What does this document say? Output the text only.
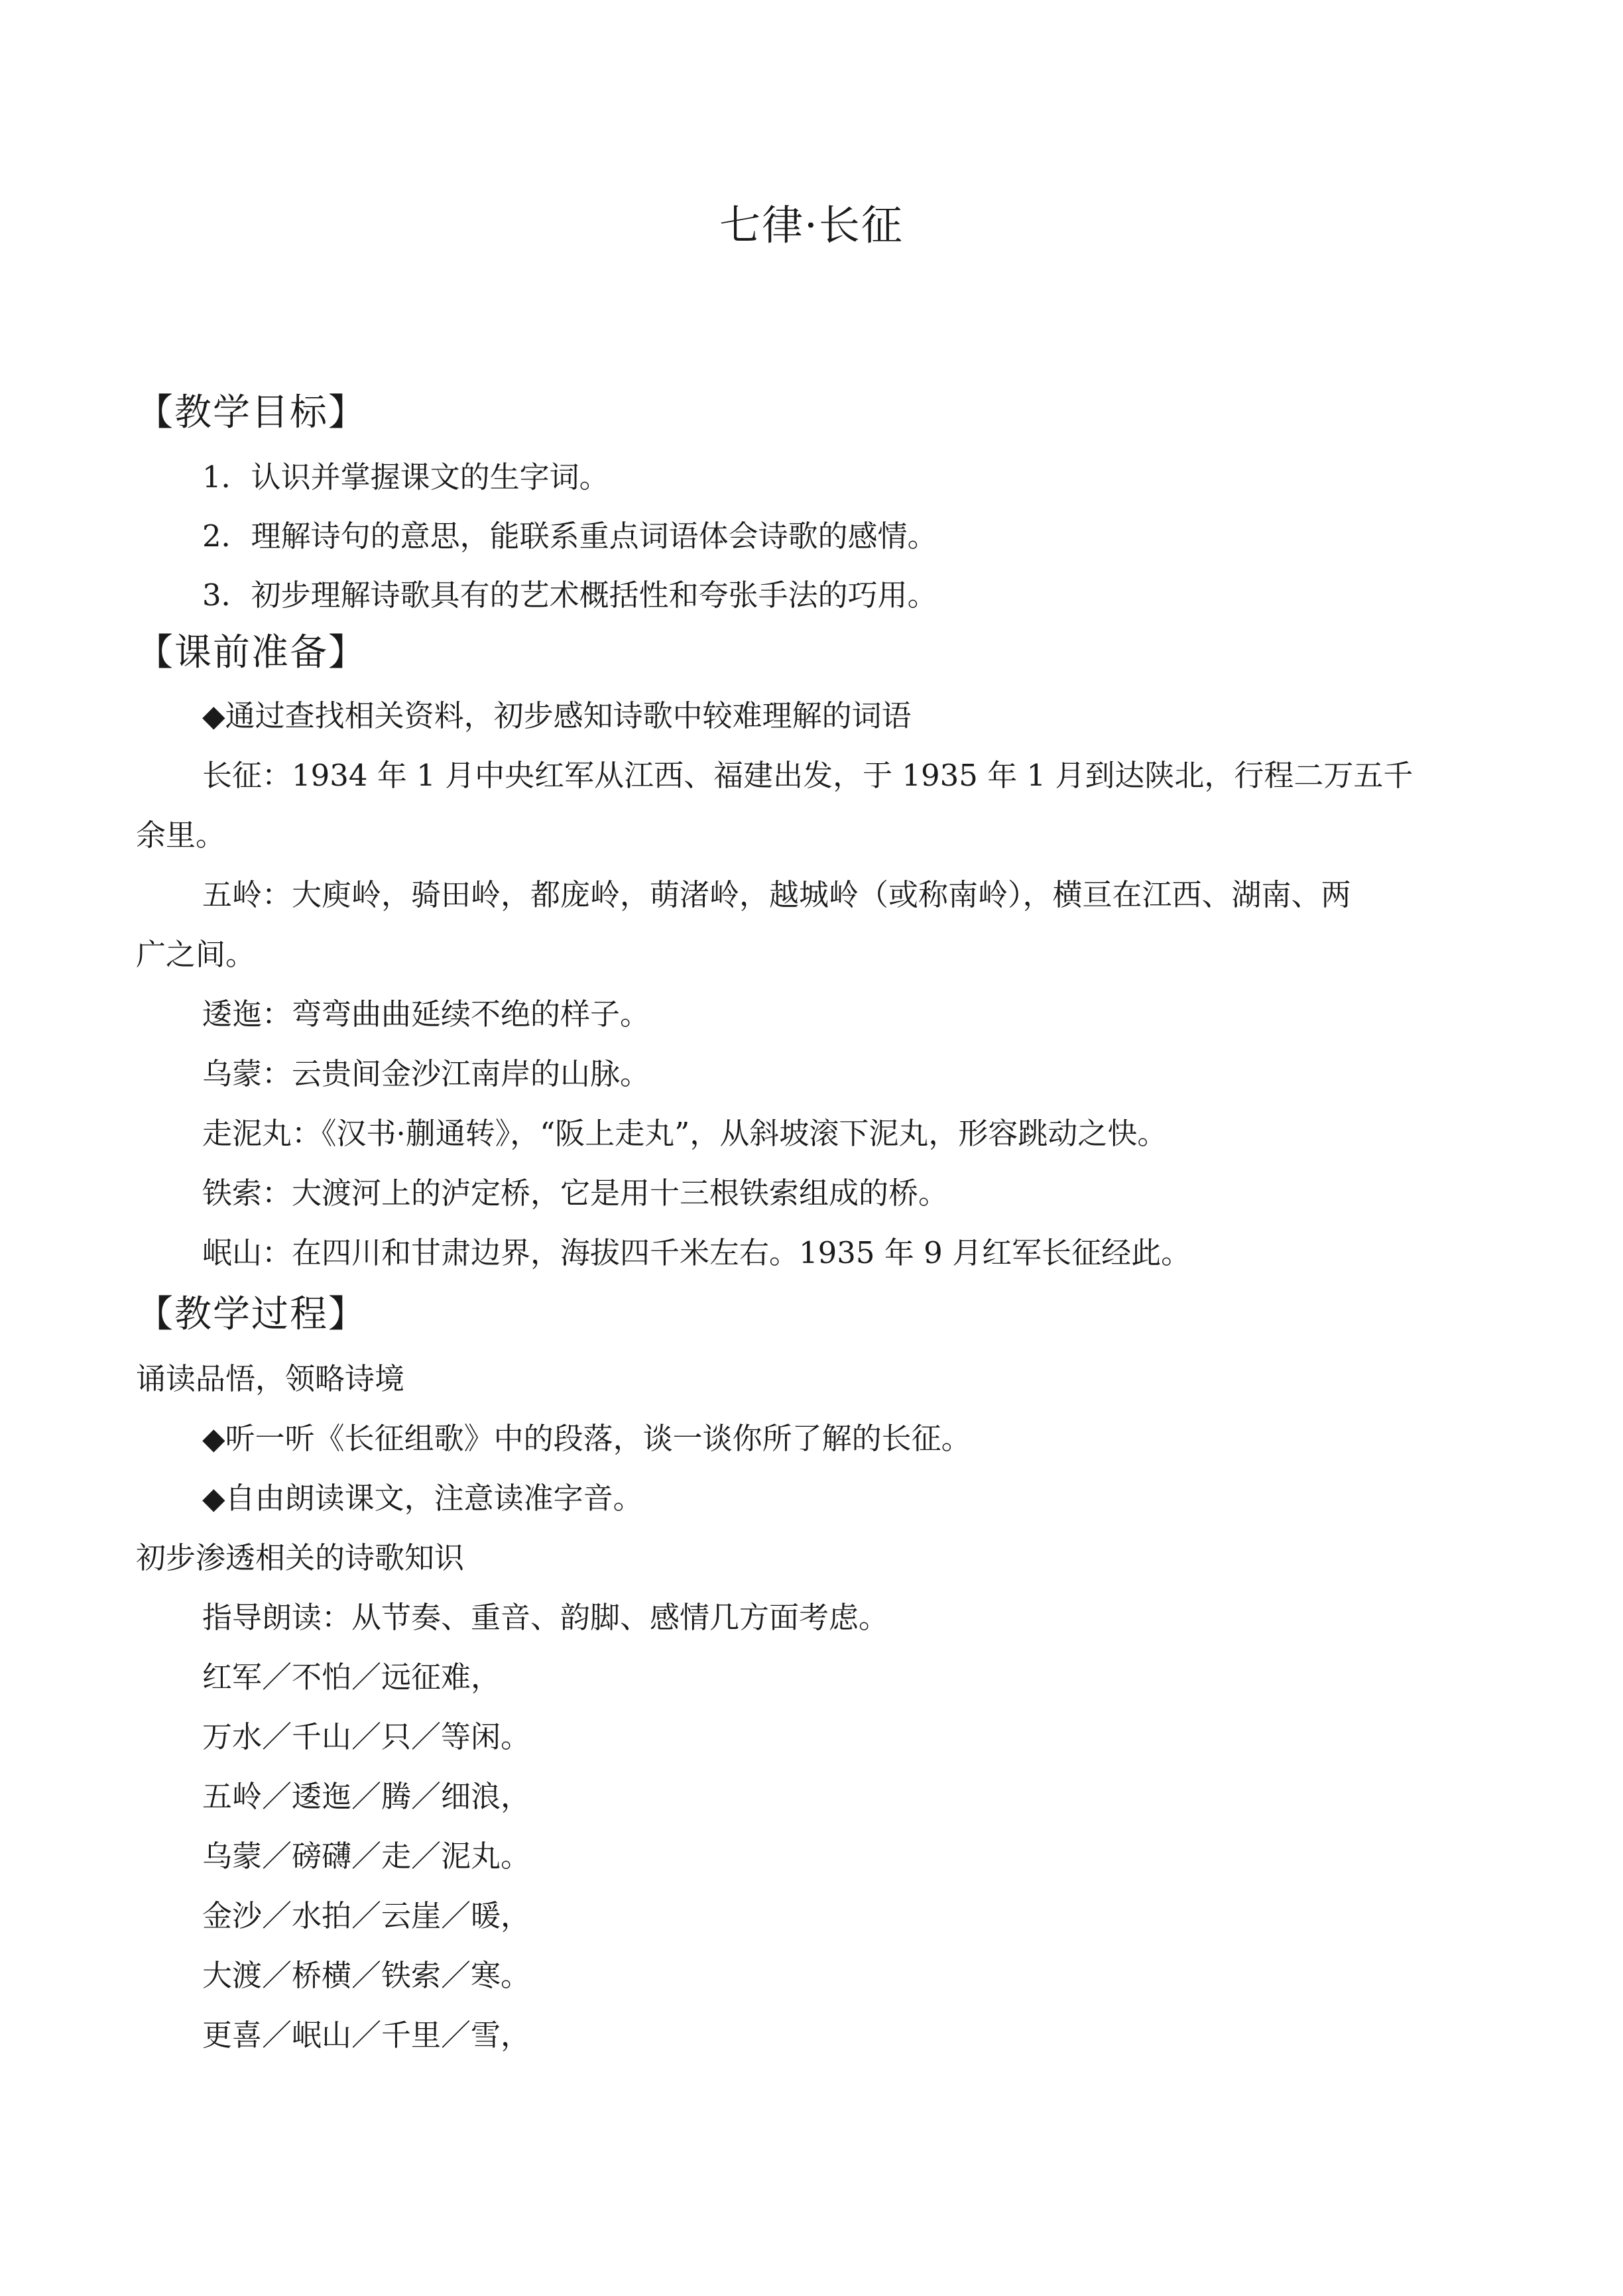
七律·长征
【教学目标】
1．认识并掌握课文的生字词。
2．理解诗句的意思，能联系重点词语体会诗歌的感情。
3．初步理解诗歌具有的艺术概括性和夸张手法的巧用。
【课前准备】
◆通过查找相关资料，初步感知诗歌中较难理解的词语
长征：1934 年 1 月中央红军从江西、福建出发，于 1935 年 1 月到达陕北，行程二万五千
余里。
五岭：大庾岭，骑田岭，都庞岭，萌渚岭，越城岭（或称南岭），横亘在江西、湖南、两
广之间。
逶迤：弯弯曲曲延续不绝的样子。
乌蒙：云贵间金沙江南岸的山脉。
走泥丸：《汉书·蒯通转》，“阪上走丸”，从斜坡滚下泥丸，形容跳动之快。
铁索：大渡河上的泸定桥，它是用十三根铁索组成的桥。
岷山：在四川和甘肃边界，海拔四千米左右。1935 年 9 月红军长征经此。
【教学过程】
诵读品悟，领略诗境
◆听一听《长征组歌》中的段落，谈一谈你所了解的长征。
◆自由朗读课文，注意读准字音。
初步渗透相关的诗歌知识
指导朗读：从节奏、重音、韵脚、感情几方面考虑。
红军／不怕／远征难，
万水／千山／只／等闲。
五岭／逶迤／腾／细浪，
乌蒙／磅礴／走／泥丸。
金沙／水拍／云崖／暖，
大渡／桥横／铁索／寒。
更喜／岷山／千里／雪，
